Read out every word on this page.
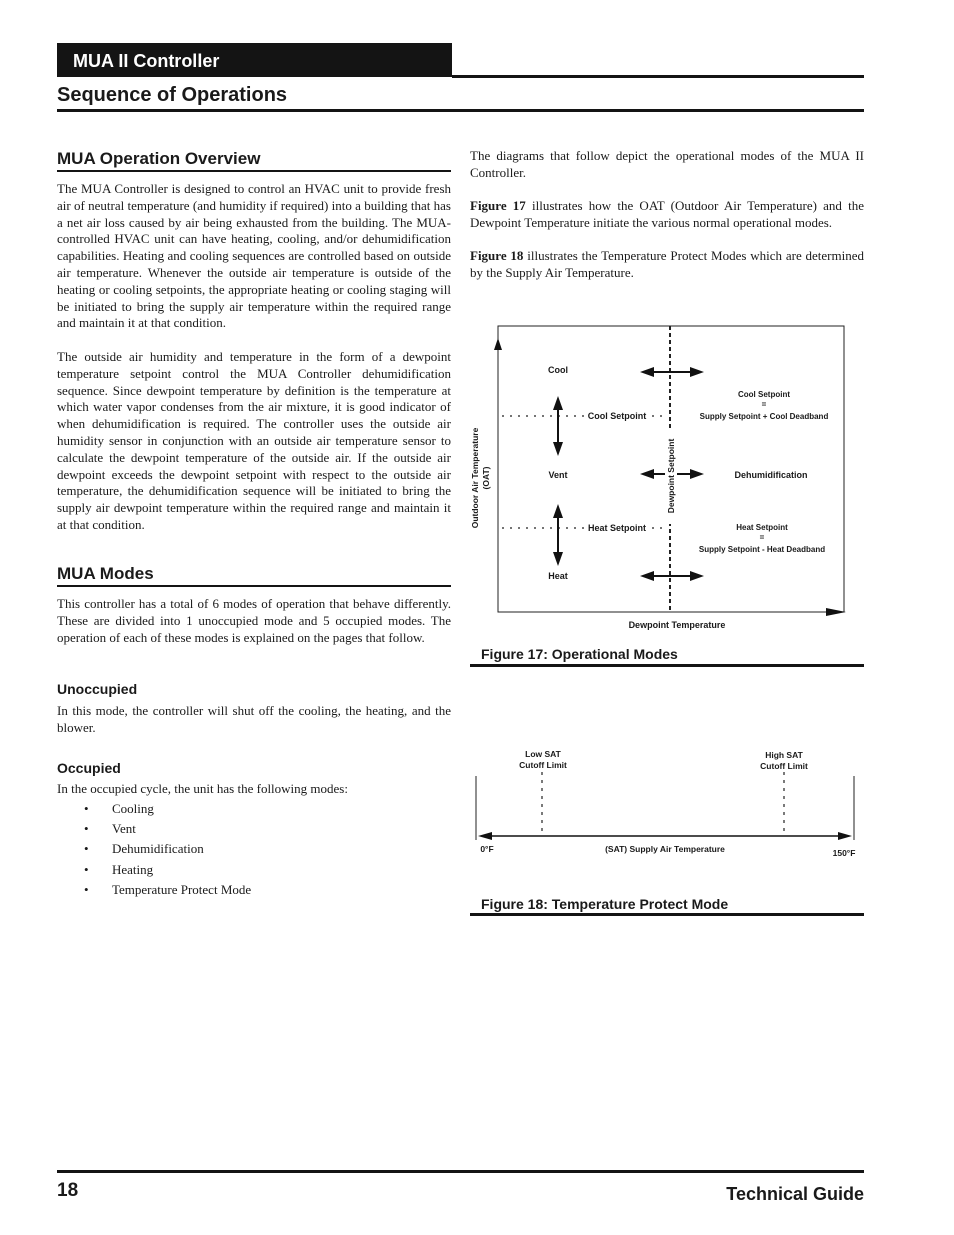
MUA II Controller
Sequence of Operations
MUA Operation Overview

The MUA Controller is designed to control an HVAC unit to provide fresh air of neutral temperature (and humidity if required) into a building that has a net air loss caused by air being exhausted from the building. The MUA-controlled HVAC unit can have heating, cooling, and/or dehumidification capabilities. Heating and cooling sequences are controlled based on outside air temperature. Whenever the outside air temperature is outside of the heating or cooling setpoints, the appropriate heating or cooling staging will be initiated to bring the supply air temperature within the required range and maintain it at that condition.

The outside air humidity and temperature in the form of a dewpoint temperature setpoint control the MUA Controller dehumidification sequence. Since dewpoint temperature by definition is the temperature at which water vapor condenses from the air mixture, it is good indicator of when dehumidification is required. The controller uses the outside air humidity sensor in conjunction with an outside air temperature sensor to calculate the dewpoint temperature of the outside air. If the outside air dewpoint exceeds the dewpoint setpoint with respect to the outside air temperature, the dehumidification sequence will be initiated to bring the supply air dewpoint temperature within the required range and maintain it at that condition.

MUA Modes

This controller has a total of 6 modes of operation that behave differently. These are divided into 1 unoccupied mode and 5 occupied modes. The operation of each of these modes is explained on the pages that follow.

Unoccupied

In this mode, the controller will shut off the cooling, the heating, and the blower.

Occupied

In the occupied cycle, the unit has the following modes:

• Cooling
• Vent
• Dehumidification
• Heating
• Temperature Protect Mode

The diagrams that follow depict the operational modes of the MUA II Controller.

Figure 17 illustrates how the OAT (Outdoor Air Temperature) and the Dewpoint Temperature initiate the various normal operational modes.

Figure 18 illustrates the Temperature Protect Modes which are determined by the Supply Air Temperature.

Cool
Vent
Heat
Cool Setpoint
Heat Setpoint
Cool Setpoint
=
Supply Setpoint + Cool Deadband
Dehumidification
Heat Setpoint
=
Supply Setpoint - Heat Deadband
Dewpoint Temperature
Outdoor Air Temperature (OAT)	Dewpoint Setpoint
Figure 17: Operational Modes
Low SAT
Cutoff Limit
High SAT
Cutoff Limit
0°F	(SAT) Supply Air Temperature	150°F
Figure 18: Temperature Protect Mode
18	Technical Guide
